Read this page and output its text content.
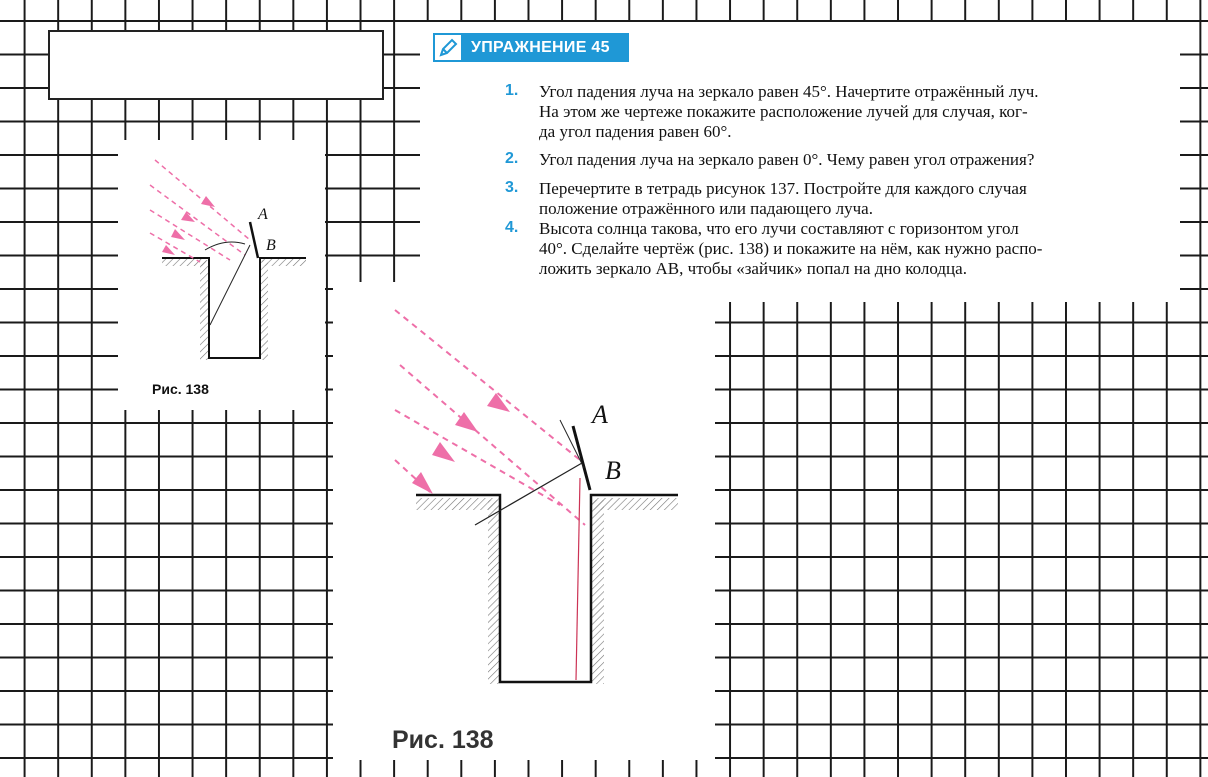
УПРАЖНЕНИЕ 45
1.	Угол падения луча на зеркало равен 45°. Начертите отражённый луч.
На этом же чертеже покажите расположение лучей для случая, ког-
да угол падения равен 60°.
2.	Угол падения луча на зеркало равен 0°. Чему равен угол отражения?
3.	Перечертите в тетрадь рисунок 137. Постройте для каждого случая
положение отражённого или падающего луча.
4.	Высота солнца такова, что его лучи составляют с горизонтом угол
40°. Сделайте чертёж (рис. 138) и покажите на нём, как нужно распо-
ложить зеркало AB, чтобы «зайчик» попал на дно колодца.
A
B
Рис. 138
A
B
Рис. 138
